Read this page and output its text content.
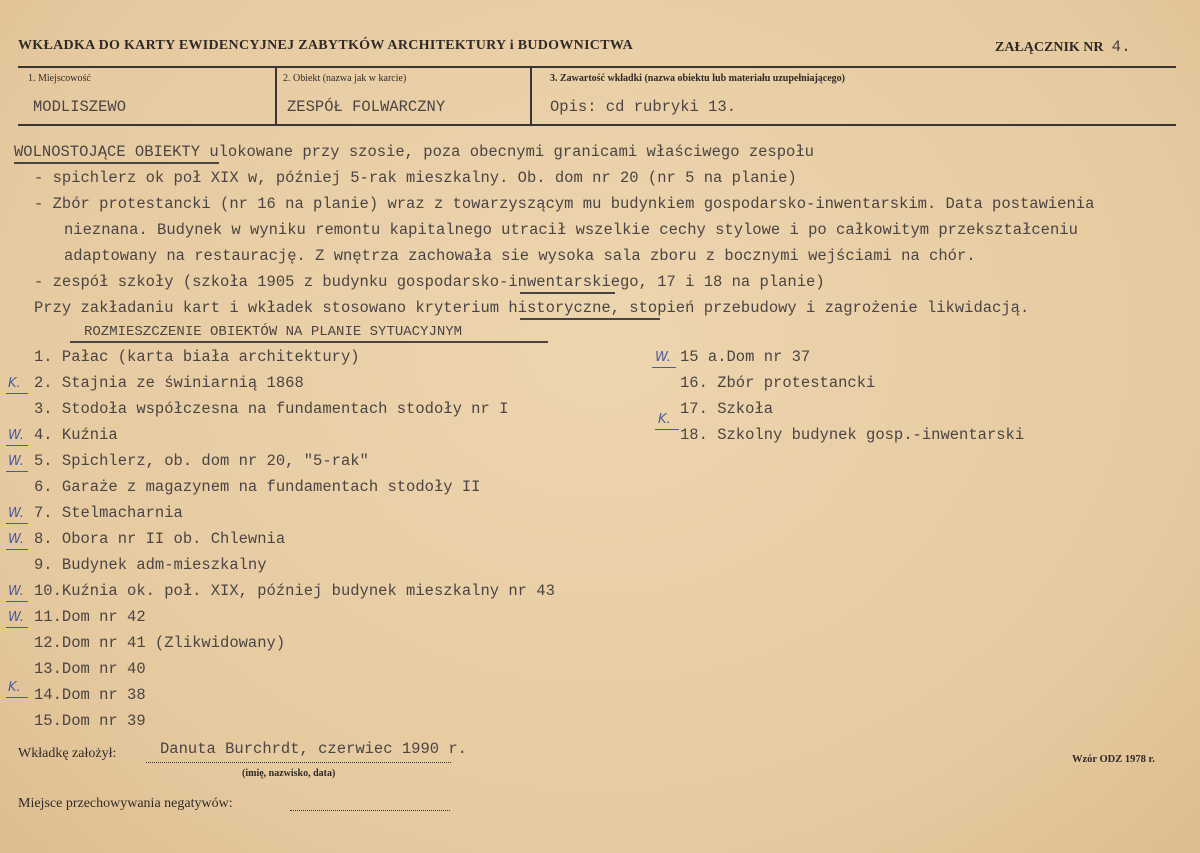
WKŁADKA DO KARTY EWIDENCYJNEJ ZABYTKÓW ARCHITEKTURY i BUDOWNICTWA	ZAŁĄCZNIK NR 4.
1. Miejscowość
MODLISZEWO
2. Obiekt (nazwa jak w karcie)
ZESPÓŁ FOLWARCZNY
3. Zawartość wkładki (nazwa obiektu lub materiału uzupełniającego)
Opis: cd rubryki 13.
WOLNOSTOJĄCE OBIEKTY ulokowane przy szosie, poza obecnymi granicami właściwego zespołu
- spichlerz ok poł XIX w, później 5-rak mieszkalny. Ob. dom nr 20 (nr 5 na planie)
- Zbór protestancki (nr 16 na planie) wraz z towarzyszącym mu budynkiem gospodarsko-inwentarskim. Data postawienia
nieznana. Budynek w wyniku remontu kapitalnego utracił wszelkie cechy stylowe i po całkowitym przekształceniu
adaptowany na restaurację. Z wnętrza zachowała sie wysoka sala zboru z bocznymi wejściami na chór.
- zespół szkoły (szkoła 1905 z budynku gospodarsko-inwentarskiego, 17 i 18 na planie)
Przy zakładaniu kart i wkładek stosowano kryterium historyczne, stopień przebudowy i zagrożenie likwidacją.
ROZMIESZCZENIE OBIEKTÓW NA PLANIE SYTUACYJNYM
K.
W.
W.
W.
W.
W.
W.
K.
1. Pałac (karta biała architektury)
2. Stajnia ze świniarnią 1868
3. Stodoła współczesna na fundamentach stodoły nr I
4. Kuźnia
5. Spichlerz, ob. dom nr 20, "5-rak"
6. Garaże z magazynem na fundamentach stodoły II
7. Stelmacharnia
8. Obora nr II ob. Chlewnia
9. Budynek adm-mieszkalny
10.Kuźnia ok. poł. XIX, później budynek mieszkalny nr 43
11.Dom nr 42
12.Dom nr 41 (Zlikwidowany)
13.Dom nr 40
14.Dom nr 38
15.Dom nr 39
W.
K.
15 a.Dom nr 37
16. Zbór protestancki
17. Szkoła
18. Szkolny budynek gosp.-inwentarski
Wkładkę założył:	Danuta Burchrdt, czerwiec 1990 r.
(imię, nazwisko, data)
Wzór ODZ 1978 r.
Miejsce przechowywania negatywów:
